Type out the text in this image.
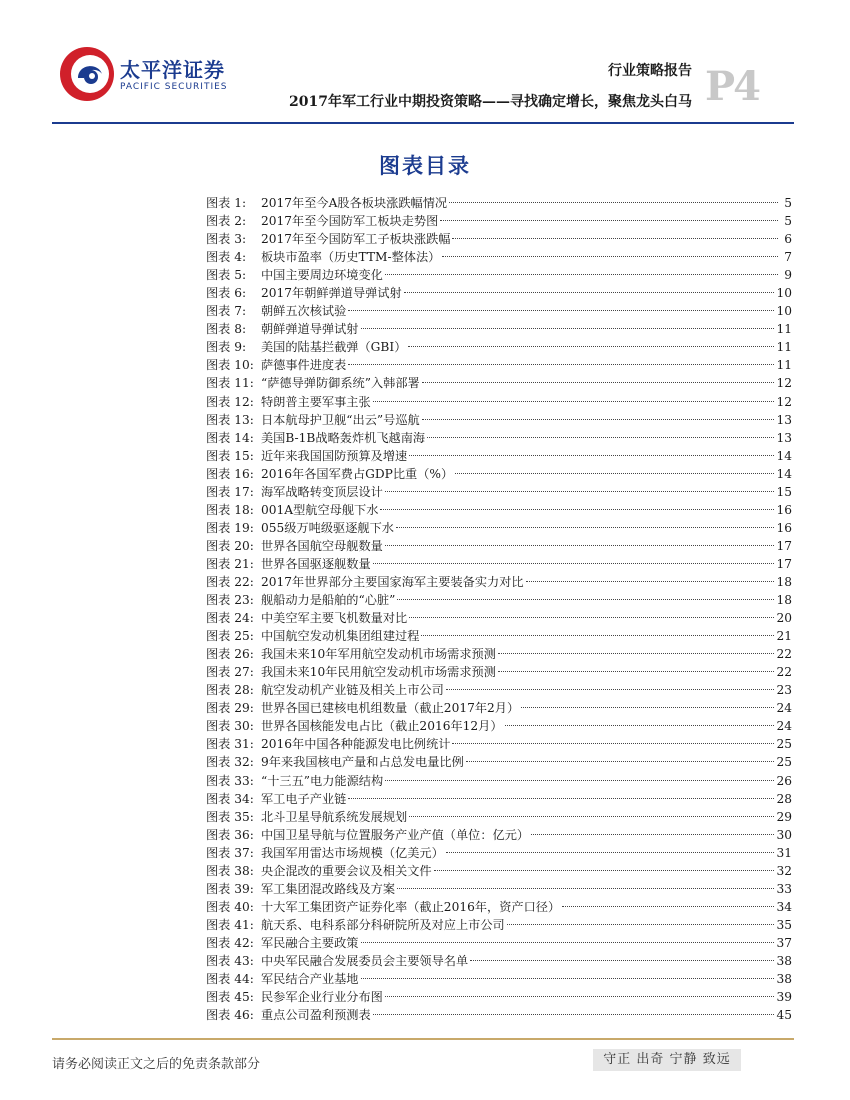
太平洋证券
PACIFIC SECURITIES
行业策略报告
2017年军工行业中期投资策略——寻找确定增长，聚焦龙头白马 P4
图表目录
图表 1:	2017年至今A股各板块涨跌幅情况	5
图表 2:	2017年至今国防军工板块走势图	5
图表 3:	2017年至今国防军工子板块涨跌幅	6
图表 4:	板块市盈率（历史TTM-整体法）	7
图表 5:	中国主要周边环境变化	9
图表 6:	2017年朝鲜弹道导弹试射	10
图表 7:	朝鲜五次核试验	10
图表 8:	朝鲜弹道导弹试射	11
图表 9:	美国的陆基拦截弹（GBI）	11
图表 10: 萨德事件进度表	11
图表 11: “萨德导弹防御系统”入韩部署	12
图表 12: 特朗普主要军事主张	12
图表 13: 日本航母护卫舰“出云”号巡航	13
图表 14: 美国B-1B战略轰炸机飞越南海	13
图表 15: 近年来我国国防预算及增速	14
图表 16: 2016年各国军费占GDP比重（%）	14
图表 17: 海军战略转变顶层设计	15
图表 18: 001A型航空母舰下水	16
图表 19: 055级万吨级驱逐舰下水	16
图表 20: 世界各国航空母舰数量	17
图表 21: 世界各国驱逐舰数量	17
图表 22: 2017年世界部分主要国家海军主要装备实力对比	18
图表 23: 舰船动力是船舶的“心脏”	18
图表 24: 中美空军主要飞机数量对比	20
图表 25: 中国航空发动机集团组建过程	21
图表 26: 我国未来10年军用航空发动机市场需求预测	22
图表 27: 我国未来10年民用航空发动机市场需求预测	22
图表 28: 航空发动机产业链及相关上市公司	23
图表 29: 世界各国已建核电机组数量（截止2017年2月）	24
图表 30: 世界各国核能发电占比（截止2016年12月）	24
图表 31: 2016年中国各种能源发电比例统计	25
图表 32: 9年来我国核电产量和占总发电量比例	25
图表 33: “十三五”电力能源结构	26
图表 34: 军工电子产业链	28
图表 35: 北斗卫星导航系统发展规划	29
图表 36: 中国卫星导航与位置服务产业产值（单位：亿元）	30
图表 37: 我国军用雷达市场规模（亿美元）	31
图表 38: 央企混改的重要会议及相关文件	32
图表 39: 军工集团混改路线及方案	33
图表 40: 十大军工集团资产证券化率（截止2016年，资产口径）	34
图表 41: 航天系、电科系部分科研院所及对应上市公司	35
图表 42: 军民融合主要政策	37
图表 43: 中央军民融合发展委员会主要领导名单	38
图表 44: 军民结合产业基地	38
图表 45: 民参军企业行业分布图	39
图表 46: 重点公司盈利预测表	45
请务必阅读正文之后的免责条款部分	守正 出奇 宁静 致远
